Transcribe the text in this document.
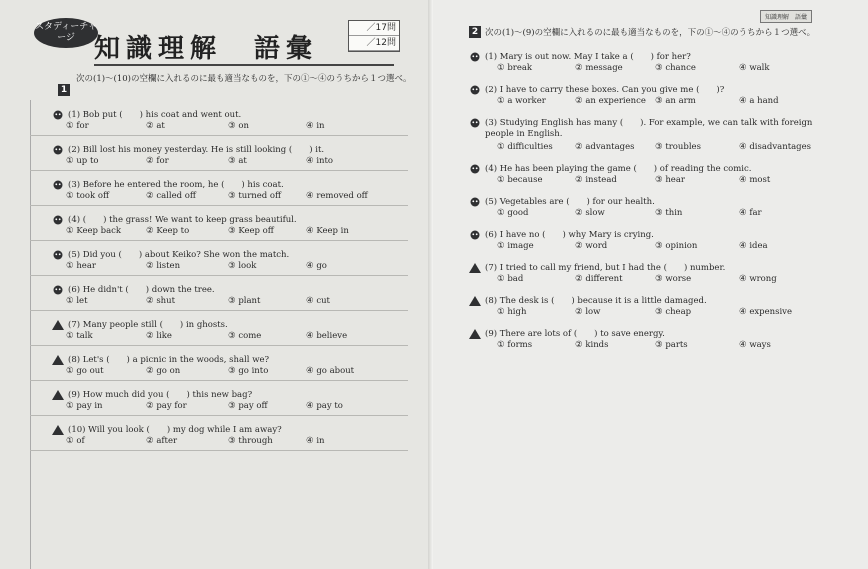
スタディーチャージ 知識理解　語彙
／17問
／12問
1
次の(1)〜(10)の空欄に入れるのに最も適当なものを，下の①〜④のうちから１つ選べ。
(1) Bob put (　　) his coat and went out.
① for	② at	③ on	④ in
(2) Bill lost his money yesterday. He is still looking (　　) it.
① up to	② for	③ at	④ into
(3) Before he entered the room, he (　　) his coat.
① took off	② called off	③ turned off	④ removed off
(4) (　　) the grass! We want to keep grass beautiful.
① Keep back	② Keep to	③ Keep off	④ Keep in
(5) Did you (　　) about Keiko? She won the match.
① hear	② listen	③ look	④ go
(6) He didn't (　　) down the tree.
① let	② shut	③ plant	④ cut
(7) Many people still (　　) in ghosts.
① talk	② like	③ come	④ believe
(8) Let's (　　) a picnic in the woods, shall we?
① go out	② go on	③ go into	④ go about
(9) How much did you (　　) this new bag?
① pay in	② pay for	③ pay off	④ pay to
(10) Will you look (　　) my dog while I am away?
① of	② after	③ through	④ in
知識理解　語彙
2 次の(1)〜(9)の空欄に入れるのに最も適当なものを，下の①〜④のうちから１つ選べ。
(1) Mary is out now. May I take a (　　) for her?
① break	② message	③ chance	④ walk
(2) I have to carry these boxes. Can you give me (　　)?
① a worker	② an experience ③ an arm	④ a hand
(3) Studying English has many (　　). For example, we can talk with foreign
people in English.
① difficulties	② advantages ③ troubles	④ disadvantages
(4) He has been playing the game (　　) of reading the comic.
① because	② instead	③ hear	④ most
(5) Vegetables are (　　) for our health.
① good	② slow	③ thin	④ far
(6) I have no (　　) why Mary is crying.
① image	② word	③ opinion	④ idea
(7) I tried to call my friend, but I had the (　　) number.
① bad	② different	③ worse	④ wrong
(8) The desk is (　　) because it is a little damaged.
① high	② low	③ cheap	④ expensive
(9) There are lots of (　　) to save energy.
① forms	② kinds	③ parts	④ ways
